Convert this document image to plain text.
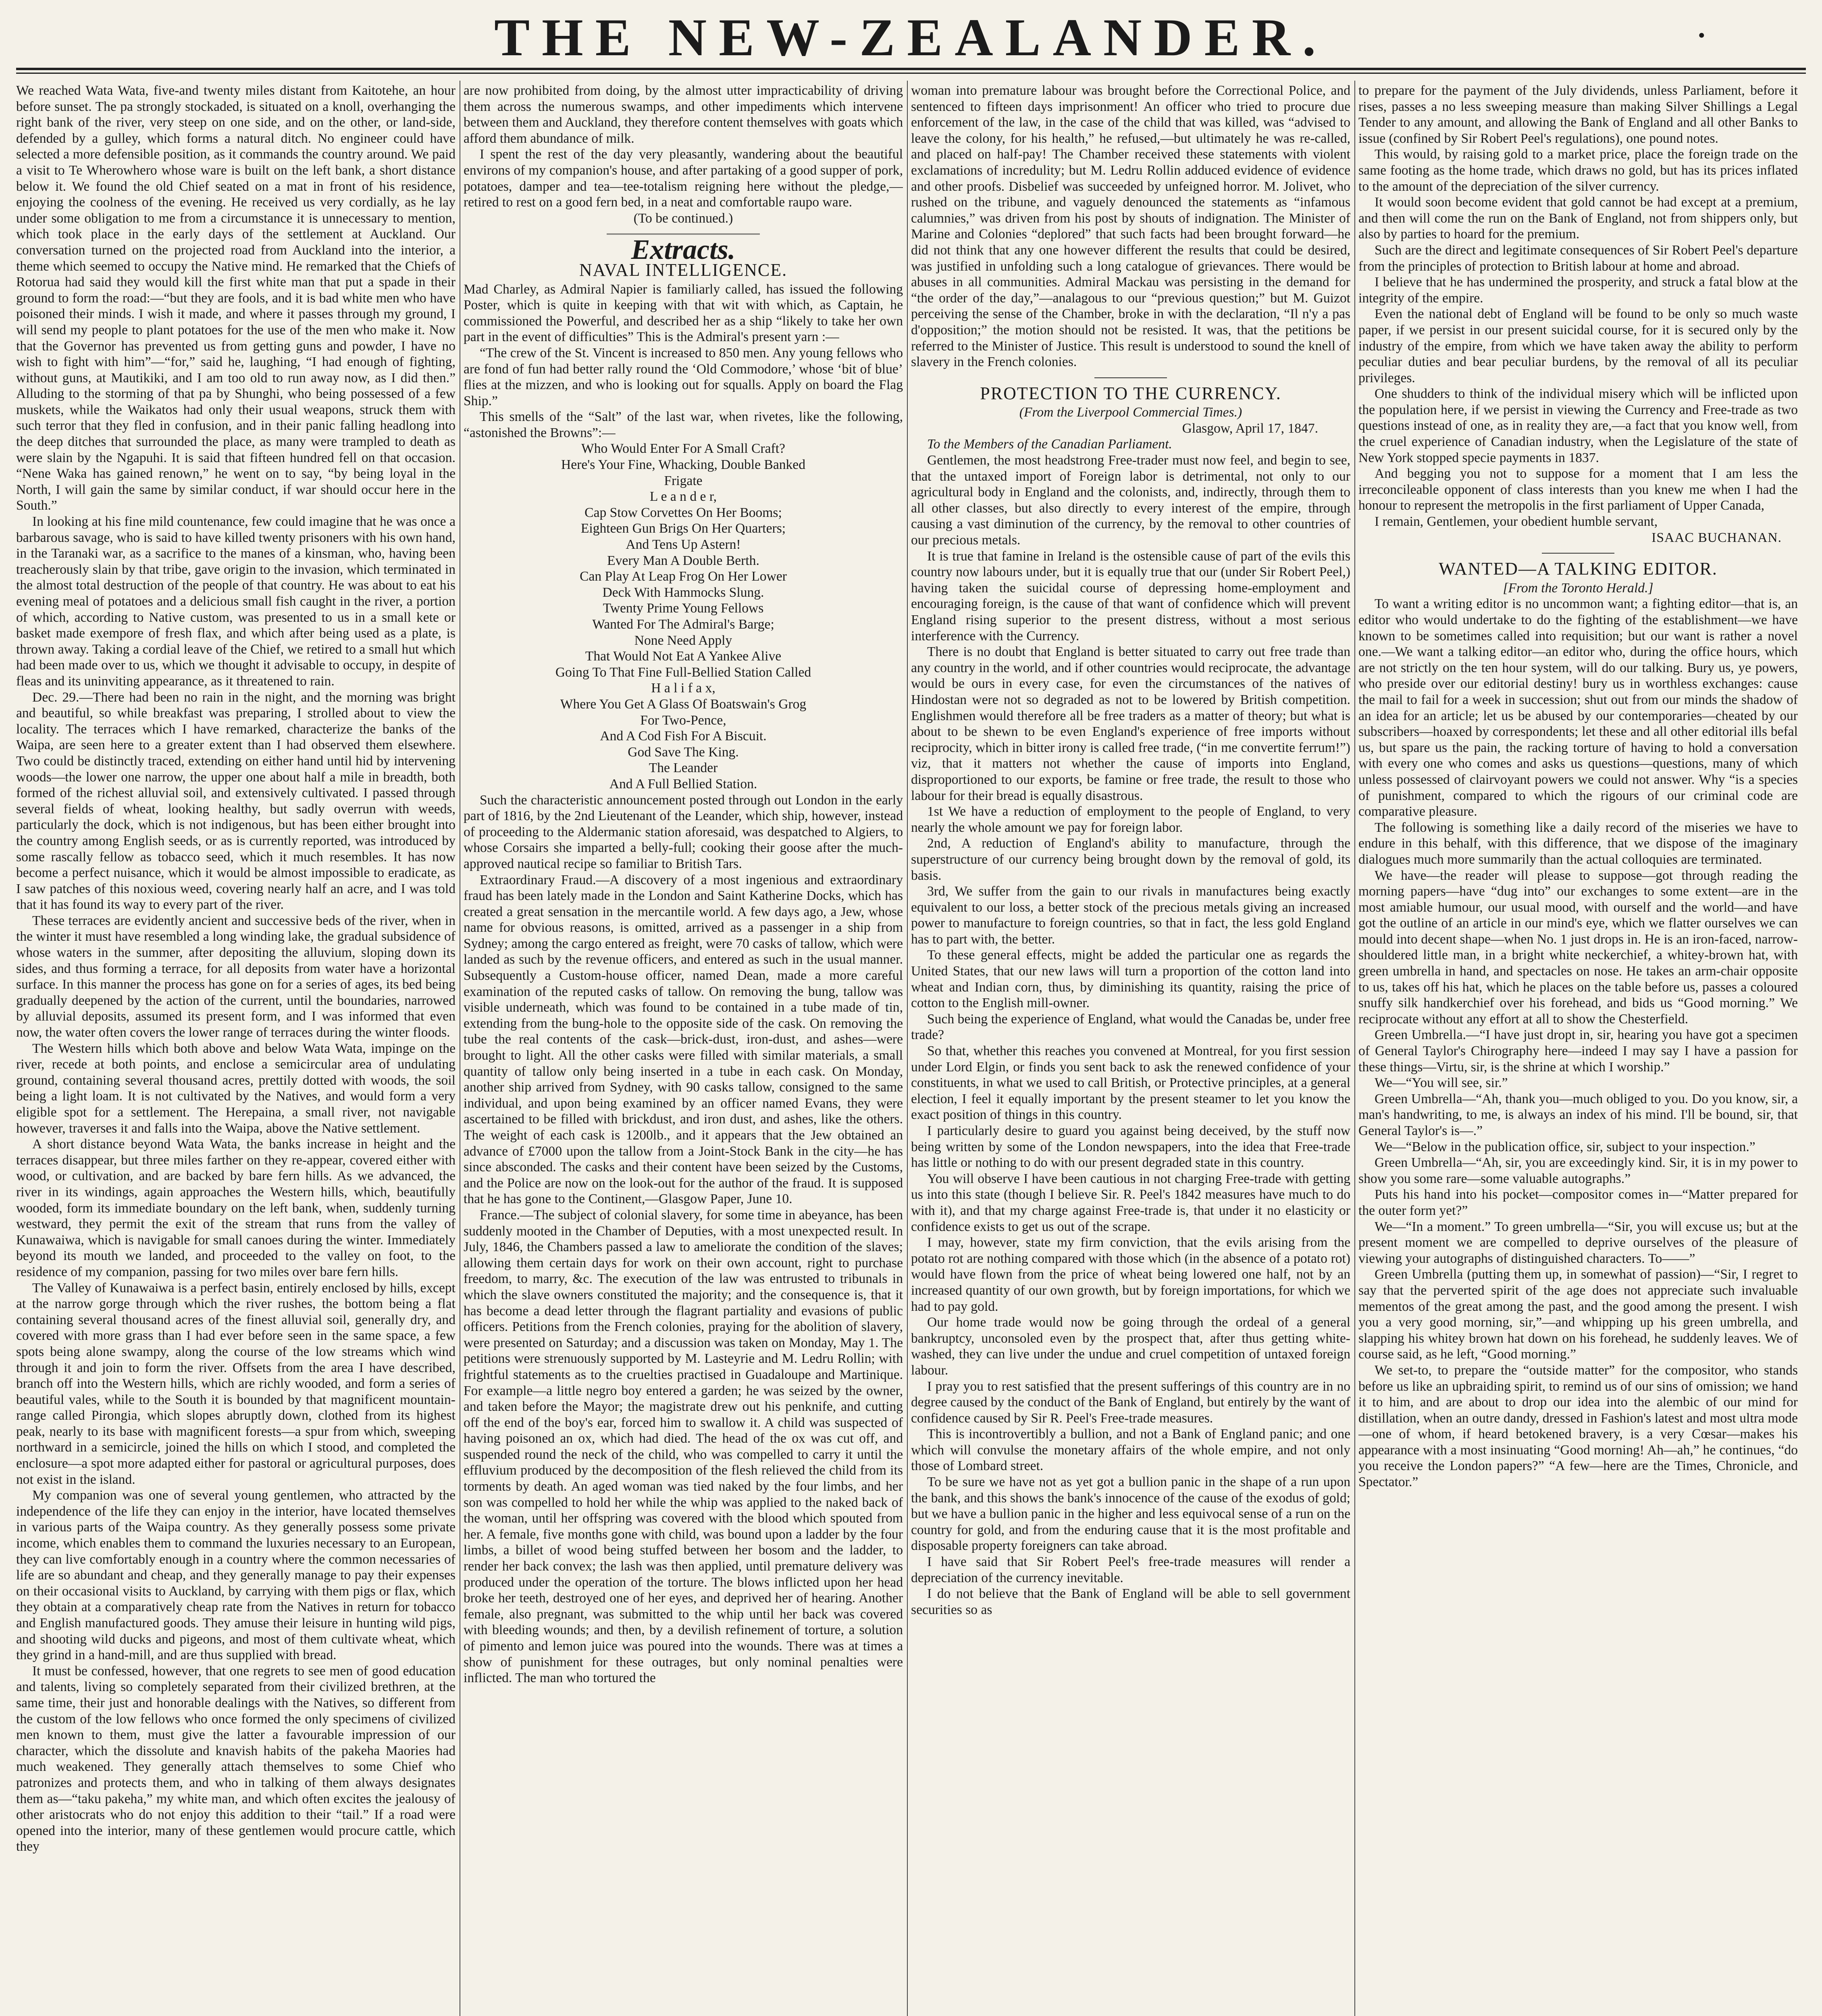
THE NEW-ZEALANDER.	•

We reached Wata Wata, five-and twenty miles distant from Kaitotehe, an hour before sunset. The pa strongly stockaded, is situated on a knoll, overhanging the right bank of the river, very steep on one side, and on the other, or land-side, defended by a gulley, which forms a natural ditch. No engineer could have selected a more defensible position, as it commands the country around. We paid a visit to Te Wherowhero whose ware is built on the left bank, a short distance below it. We found the old Chief seated on a mat in front of his residence, enjoying the coolness of the evening. He received us very cordially, as he lay under some obligation to me from a circumstance it is unnecessary to mention, which took place in the early days of the settlement at Auckland. Our conversation turned on the projected road from Auckland into the interior, a theme which seemed to occupy the Native mind. He remarked that the Chiefs of Rotorua had said they would kill the first white man that put a spade in their ground to form the road:—“but they are fools, and it is bad white men who have poisoned their minds. I wish it made, and where it passes through my ground, I will send my people to plant potatoes for the use of the men who make it. Now that the Governor has prevented us from getting guns and powder, I have no wish to fight with him”—“for,” said he, laughing, “I had enough of fighting, without guns, at Mautikiki, and I am too old to run away now, as I did then.” Alluding to the storming of that pa by Shunghi, who being possessed of a few muskets, while the Waikatos had only their usual weapons, struck them with such terror that they fled in confusion, and in their panic falling headlong into the deep ditches that surrounded the place, as many were trampled to death as were slain by the Ngapuhi. It is said that fifteen hundred fell on that occasion. “Nene Waka has gained renown,” he went on to say, “by being loyal in the North, I will gain the same by similar conduct, if war should occur here in the South.”

In looking at his fine mild countenance, few could imagine that he was once a barbarous savage, who is said to have killed twenty prisoners with his own hand, in the Taranaki war, as a sacrifice to the manes of a kinsman, who, having been treacherously slain by that tribe, gave origin to the invasion, which terminated in the almost total destruction of the people of that country. He was about to eat his evening meal of potatoes and a delicious small fish caught in the river, a portion of which, according to Native custom, was presented to us in a small kete or basket made exempore of fresh flax, and which after being used as a plate, is thrown away. Taking a cordial leave of the Chief, we retired to a small hut which had been made over to us, which we thought it advisable to occupy, in despite of fleas and its uninviting appearance, as it threatened to rain.

Dec. 29.—There had been no rain in the night, and the morning was bright and beautiful, so while breakfast was preparing, I strolled about to view the locality. The terraces which I have remarked, characterize the banks of the Waipa, are seen here to a greater extent than I had observed them elsewhere. Two could be distinctly traced, extending on either hand until hid by intervening woods—the lower one narrow, the upper one about half a mile in breadth, both formed of the richest alluvial soil, and extensively cultivated. I passed through several fields of wheat, looking healthy, but sadly overrun with weeds, particularly the dock, which is not indigenous, but has been either brought into the country among English seeds, or as is currently reported, was introduced by some rascally fellow as tobacco seed, which it much resembles. It has now become a perfect nuisance, which it would be almost impossible to eradicate, as I saw patches of this noxious weed, covering nearly half an acre, and I was told that it has found its way to every part of the river.

These terraces are evidently ancient and successive beds of the river, when in the winter it must have resembled a long winding lake, the gradual subsidence of whose waters in the summer, after depositing the alluvium, sloping down its sides, and thus forming a terrace, for all deposits from water have a horizontal surface. In this manner the process has gone on for a series of ages, its bed being gradually deepened by the action of the current, until the boundaries, narrowed by alluvial deposits, assumed its present form, and I was informed that even now, the water often covers the lower range of terraces during the winter floods.

The Western hills which both above and below Wata Wata, impinge on the river, recede at both points, and enclose a semicircular area of undulating ground, containing several thousand acres, prettily dotted with woods, the soil being a light loam. It is not cultivated by the Natives, and would form a very eligible spot for a settlement. The Herepaina, a small river, not navigable however, traverses it and falls into the Waipa, above the Native settlement.

A short distance beyond Wata Wata, the banks increase in height and the terraces disappear, but three miles farther on they re-appear, covered either with wood, or cultivation, and are backed by bare fern hills. As we advanced, the river in its windings, again approaches the Western hills, which, beautifully wooded, form its immediate boundary on the left bank, when, suddenly turning westward, they permit the exit of the stream that runs from the valley of Kunawaiwa, which is navigable for small canoes during the winter. Immediately beyond its mouth we landed, and proceeded to the valley on foot, to the residence of my companion, passing for two miles over bare fern hills.

The Valley of Kunawaiwa is a perfect basin, entirely enclosed by hills, except at the narrow gorge through which the river rushes, the bottom being a flat containing several thousand acres of the finest alluvial soil, generally dry, and covered with more grass than I had ever before seen in the same space, a few spots being alone swampy, along the course of the low streams which wind through it and join to form the river. Offsets from the area I have described, branch off into the Western hills, which are richly wooded, and form a series of beautiful vales, while to the South it is bounded by that magnificent mountain-range called Pirongia, which slopes abruptly down, clothed from its highest peak, nearly to its base with magnificent forests—a spur from which, sweeping northward in a semicircle, joined the hills on which I stood, and completed the enclosure—a spot more adapted either for pastoral or agricultural purposes, does not exist in the island.

My companion was one of several young gentlemen, who attracted by the independence of the life they can enjoy in the interior, have located themselves in various parts of the Waipa country. As they generally possess some private income, which enables them to command the luxuries necessary to an European, they can live comfortably enough in a country where the common necessaries of life are so abundant and cheap, and they generally manage to pay their expenses on their occasional visits to Auckland, by carrying with them pigs or flax, which they obtain at a comparatively cheap rate from the Natives in return for tobacco and English manufactured goods. They amuse their leisure in hunting wild pigs, and shooting wild ducks and pigeons, and most of them cultivate wheat, which they grind in a hand-mill, and are thus supplied with bread.

It must be confessed, however, that one regrets to see men of good education and talents, living so completely separated from their civilized brethren, at the same time, their just and honorable dealings with the Natives, so different from the custom of the low fellows who once formed the only specimens of civilized men known to them, must give the latter a favourable impression of our character, which the dissolute and knavish habits of the pakeha Maories had much weakened. They generally attach themselves to some Chief who patronizes and protects them, and who in talking of them always designates them as—“taku pakeha,” my white man, and which often excites the jealousy of other aristocrats who do not enjoy this addition to their “tail.” If a road were opened into the interior, many of these gentlemen would procure cattle, which they

are now prohibited from doing, by the almost utter impracticability of driving them across the numerous swamps, and other impediments which intervene between them and Auckland, they therefore content themselves with goats which afford them abundance of milk.

I spent the rest of the day very pleasantly, wandering about the beautiful environs of my companion's house, and after partaking of a good supper of pork, potatoes, damper and tea—tee-totalism reigning here without the pledge,—retired to rest on a good fern bed, in a neat and comfortable raupo ware.

(To be continued.)

Extracts.
NAVAL INTELLIGENCE.

Mad Charley, as Admiral Napier is familiarly called, has issued the following Poster, which is quite in keeping with that wit with which, as Captain, he commissioned the Powerful, and described her as a ship “likely to take her own part in the event of difficulties” This is the Admiral's present yarn :—

“The crew of the St. Vincent is increased to 850 men. Any young fellows who are fond of fun had better rally round the ‘Old Commodore,’ whose ‘bit of blue’ flies at the mizzen, and who is looking out for squalls. Apply on board the Flag Ship.”

This smells of the “Salt” of the last war, when rivetes, like the following, “astonished the Browns”:—

Who Would Enter For A Small Craft?
Here's Your Fine, Whacking, Double Banked
Frigate
L e a n d e r,
Cap Stow Corvettes On Her Booms;
Eighteen Gun Brigs On Her Quarters;
And Tens Up Astern!
Every Man A Double Berth.
Can Play At Leap Frog On Her Lower
Deck With Hammocks Slung.
Twenty Prime Young Fellows
Wanted For The Admiral's Barge;
None Need Apply
That Would Not Eat A Yankee Alive
Going To That Fine Full-Bellied Station Called
H a l i f a x,
Where You Get A Glass Of Boatswain's Grog
For Two-Pence,
And A Cod Fish For A Biscuit.
God Save The King.
The Leander
And A Full Bellied Station.

Such the characteristic announcement posted through out London in the early part of 1816, by the 2nd Lieutenant of the Leander, which ship, however, instead of proceeding to the Aldermanic station aforesaid, was despatched to Algiers, to whose Corsairs she imparted a belly-full; cooking their goose after the much-approved nautical recipe so familiar to British Tars.

Extraordinary Fraud.—A discovery of a most ingenious and extraordinary fraud has been lately made in the London and Saint Katherine Docks, which has created a great sensation in the mercantile world. A few days ago, a Jew, whose name for obvious reasons, is omitted, arrived as a passenger in a ship from Sydney; among the cargo entered as freight, were 70 casks of tallow, which were landed as such by the revenue officers, and entered as such in the usual manner. Subsequently a Custom-house officer, named Dean, made a more careful examination of the reputed casks of tallow. On removing the bung, tallow was visible underneath, which was found to be contained in a tube made of tin, extending from the bung-hole to the opposite side of the cask. On removing the tube the real contents of the cask—brick-dust, iron-dust, and ashes—were brought to light. All the other casks were filled with similar materials, a small quantity of tallow only being inserted in a tube in each cask. On Monday, another ship arrived from Sydney, with 90 casks tallow, consigned to the same individual, and upon being examined by an officer named Evans, they were ascertained to be filled with brickdust, and iron dust, and ashes, like the others. The weight of each cask is 1200lb., and it appears that the Jew obtained an advance of £7000 upon the tallow from a Joint-Stock Bank in the city—he has since absconded. The casks and their content have been seized by the Customs, and the Police are now on the look-out for the author of the fraud. It is supposed that he has gone to the Continent,—Glasgow Paper, June 10.

France.—The subject of colonial slavery, for some time in abeyance, has been suddenly mooted in the Chamber of Deputies, with a most unexpected result. In July, 1846, the Chambers passed a law to ameliorate the condition of the slaves; allowing them certain days for work on their own account, right to purchase freedom, to marry, &c. The execution of the law was entrusted to tribunals in which the slave owners constituted the majority; and the consequence is, that it has become a dead letter through the flagrant partiality and evasions of public officers. Petitions from the French colonies, praying for the abolition of slavery, were presented on Saturday; and a discussion was taken on Monday, May 1. The petitions were strenuously supported by M. Lasteyrie and M. Ledru Rollin; with frightful statements as to the cruelties practised in Guadaloupe and Martinique. For example—a little negro boy entered a garden; he was seized by the owner, and taken before the Mayor; the magistrate drew out his penknife, and cutting off the end of the boy's ear, forced him to swallow it. A child was suspected of having poisoned an ox, which had died. The head of the ox was cut off, and suspended round the neck of the child, who was compelled to carry it until the effluvium produced by the decomposition of the flesh relieved the child from its torments by death. An aged woman was tied naked by the four limbs, and her son was compelled to hold her while the whip was applied to the naked back of the woman, until her offspring was covered with the blood which spouted from her. A female, five months gone with child, was bound upon a ladder by the four limbs, a billet of wood being stuffed between her bosom and the ladder, to render her back convex; the lash was then applied, until premature delivery was produced under the operation of the torture. The blows inflicted upon her head broke her teeth, destroyed one of her eyes, and deprived her of hearing. Another female, also pregnant, was submitted to the whip until her back was covered with bleeding wounds; and then, by a devilish refinement of torture, a solution of pimento and lemon juice was poured into the wounds. There was at times a show of punishment for these outrages, but only nominal penalties were inflicted. The man who tortured the

woman into premature labour was brought before the Correctional Police, and sentenced to fifteen days imprisonment! An officer who tried to procure due enforcement of the law, in the case of the child that was killed, was “advised to leave the colony, for his health,” he refused,—but ultimately he was re-called, and placed on half-pay! The Chamber received these statements with violent exclamations of incredulity; but M. Ledru Rollin adduced evidence of evidence and other proofs. Disbelief was succeeded by unfeigned horror. M. Jolivet, who rushed on the tribune, and vaguely denounced the statements as “infamous calumnies,” was driven from his post by shouts of indignation. The Minister of Marine and Colonies “deplored” that such facts had been brought forward—he did not think that any one however different the results that could be desired, was justified in unfolding such a long catalogue of grievances. There would be abuses in all communities. Admiral Mackau was persisting in the demand for “the order of the day,”—analagous to our “previous question;” but M. Guizot perceiving the sense of the Chamber, broke in with the declaration, “Il n'y a pas d'opposition;” the motion should not be resisted. It was, that the petitions be referred to the Minister of Justice. This result is understood to sound the knell of slavery in the French colonies.

PROTECTION TO THE CURRENCY.
(From the Liverpool Commercial Times.)
Glasgow, April 17, 1847.

To the Members of the Canadian Parliament.

Gentlemen, the most headstrong Free-trader must now feel, and begin to see, that the untaxed import of Foreign labor is detrimental, not only to our agricultural body in England and the colonists, and, indirectly, through them to all other classes, but also directly to every interest of the empire, through causing a vast diminution of the currency, by the removal to other countries of our precious metals.

It is true that famine in Ireland is the ostensible cause of part of the evils this country now labours under, but it is equally true that our (under Sir Robert Peel,) having taken the suicidal course of depressing home-employment and encouraging foreign, is the cause of that want of confidence which will prevent England rising superior to the present distress, without a most serious interference with the Currency.

There is no doubt that England is better situated to carry out free trade than any country in the world, and if other countries would reciprocate, the advantage would be ours in every case, for even the circumstances of the natives of Hindostan were not so degraded as not to be lowered by British competition. Englishmen would therefore all be free traders as a matter of theory; but what is about to be shewn to be even England's experience of free imports without reciprocity, which in bitter irony is called free trade, (“in me convertite ferrum!”) viz, that it matters not whether the cause of imports into England, disproportioned to our exports, be famine or free trade, the result to those who labour for their bread is equally disastrous.

1st We have a reduction of employment to the people of England, to very nearly the whole amount we pay for foreign labor.

2nd, A reduction of England's ability to manufacture, through the superstructure of our currency being brought down by the removal of gold, its basis.

3rd, We suffer from the gain to our rivals in manufactures being exactly equivalent to our loss, a better stock of the precious metals giving an increased power to manufacture to foreign countries, so that in fact, the less gold England has to part with, the better.

To these general effects, might be added the particular one as regards the United States, that our new laws will turn a proportion of the cotton land into wheat and Indian corn, thus, by diminishing its quantity, raising the price of cotton to the English mill-owner.

Such being the experience of England, what would the Canadas be, under free trade?

So that, whether this reaches you convened at Montreal, for you first session under Lord Elgin, or finds you sent back to ask the renewed confidence of your constituents, in what we used to call British, or Protective principles, at a general election, I feel it equally important by the present steamer to let you know the exact position of things in this country.

I particularly desire to guard you against being deceived, by the stuff now being written by some of the London newspapers, into the idea that Free-trade has little or nothing to do with our present degraded state in this country.

You will observe I have been cautious in not charging Free-trade with getting us into this state (though I believe Sir. R. Peel's 1842 measures have much to do with it), and that my charge against Free-trade is, that under it no elasticity or confidence exists to get us out of the scrape.

I may, however, state my firm conviction, that the evils arising from the potato rot are nothing compared with those which (in the absence of a potato rot) would have flown from the price of wheat being lowered one half, not by an increased quantity of our own growth, but by foreign importations, for which we had to pay gold.

Our home trade would now be going through the ordeal of a general bankruptcy, unconsoled even by the prospect that, after thus getting white-washed, they can live under the undue and cruel competition of untaxed foreign labour.

I pray you to rest satisfied that the present sufferings of this country are in no degree caused by the conduct of the Bank of England, but entirely by the want of confidence caused by Sir R. Peel's Free-trade measures.

This is incontrovertibly a bullion, and not a Bank of England panic; and one which will convulse the monetary affairs of the whole empire, and not only those of Lombard street.

To be sure we have not as yet got a bullion panic in the shape of a run upon the bank, and this shows the bank's innocence of the cause of the exodus of gold; but we have a bullion panic in the higher and less equivocal sense of a run on the country for gold, and from the enduring cause that it is the most profitable and disposable property foreigners can take abroad.

I have said that Sir Robert Peel's free-trade measures will render a depreciation of the currency inevitable.

I do not believe that the Bank of England will be able to sell government securities so as

to prepare for the payment of the July dividends, unless Parliament, before it rises, passes a no less sweeping measure than making Silver Shillings a Legal Tender to any amount, and allowing the Bank of England and all other Banks to issue (confined by Sir Robert Peel's regulations), one pound notes.

This would, by raising gold to a market price, place the foreign trade on the same footing as the home trade, which draws no gold, but has its prices inflated to the amount of the depreciation of the silver currency.

It would soon become evident that gold cannot be had except at a premium, and then will come the run on the Bank of England, not from shippers only, but also by parties to hoard for the premium.

Such are the direct and legitimate consequences of Sir Robert Peel's departure from the principles of protection to British labour at home and abroad.

I believe that he has undermined the prosperity, and struck a fatal blow at the integrity of the empire.

Even the national debt of England will be found to be only so much waste paper, if we persist in our present suicidal course, for it is secured only by the industry of the empire, from which we have taken away the ability to perform peculiar duties and bear peculiar burdens, by the removal of all its peculiar privileges.

One shudders to think of the individual misery which will be inflicted upon the population here, if we persist in viewing the Currency and Free-trade as two questions instead of one, as in reality they are,—a fact that you know well, from the cruel experience of Canadian industry, when the Legislature of the state of New York stopped specie payments in 1837.

And begging you not to suppose for a moment that I am less the irreconcileable opponent of class interests than you knew me when I had the honour to represent the metropolis in the first parliament of Upper Canada,

I remain, Gentlemen, your obedient humble servant,

ISAAC BUCHANAN.

WANTED—A TALKING EDITOR.
[From the Toronto Herald.]

To want a writing editor is no uncommon want; a fighting editor—that is, an editor who would undertake to do the fighting of the establishment—we have known to be sometimes called into requisition; but our want is rather a novel one.—We want a talking editor—an editor who, during the office hours, which are not strictly on the ten hour system, will do our talking. Bury us, ye powers, who preside over our editorial destiny! bury us in worthless exchanges: cause the mail to fail for a week in succession; shut out from our minds the shadow of an idea for an article; let us be abused by our contemporaries—cheated by our subscribers—hoaxed by correspondents; let these and all other editorial ills befal us, but spare us the pain, the racking torture of having to hold a conversation with every one who comes and asks us questions—questions, many of which unless possessed of clairvoyant powers we could not answer. Why “is a species of punishment, compared to which the rigours of our criminal code are comparative pleasure.

The following is something like a daily record of the miseries we have to endure in this behalf, with this difference, that we dispose of the imaginary dialogues much more summarily than the actual colloquies are terminated.

We have—the reader will please to suppose—got through reading the morning papers—have “dug into” our exchanges to some extent—are in the most amiable humour, our usual mood, with ourself and the world—and have got the outline of an article in our mind's eye, which we flatter ourselves we can mould into decent shape—when No. 1 just drops in. He is an iron-faced, narrow-shouldered little man, in a bright white neckerchief, a whitey-brown hat, with green umbrella in hand, and spectacles on nose. He takes an arm-chair opposite to us, takes off his hat, which he places on the table before us, passes a coloured snuffy silk handkerchief over his forehead, and bids us “Good morning.” We reciprocate without any effort at all to show the Chesterfield.

Green Umbrella.—“I have just dropt in, sir, hearing you have got a specimen of General Taylor's Chirography here—indeed I may say I have a passion for these things—Virtu, sir, is the shrine at which I worship.”

We—“You will see, sir.”

Green Umbrella—“Ah, thank you—much obliged to you. Do you know, sir, a man's handwriting, to me, is always an index of his mind. I'll be bound, sir, that General Taylor's is—.”

We—“Below in the publication office, sir, subject to your inspection.”

Green Umbrella—“Ah, sir, you are exceedingly kind. Sir, it is in my power to show you some rare—some valuable autographs.”

Puts his hand into his pocket—compositor comes in—“Matter prepared for the outer form yet?”

We—“In a moment.” To green umbrella—“Sir, you will excuse us; but at the present moment we are compelled to deprive ourselves of the pleasure of viewing your autographs of distinguished characters. To——”

Green Umbrella (putting them up, in somewhat of passion)—“Sir, I regret to say that the perverted spirit of the age does not appreciate such invaluable mementos of the great among the past, and the good among the present. I wish you a very good morning, sir,”—and whipping up his green umbrella, and slapping his whitey brown hat down on his forehead, he suddenly leaves. We of course said, as he left, “Good morning.”

We set-to, to prepare the “outside matter” for the compositor, who stands before us like an upbraiding spirit, to remind us of our sins of omission; we hand it to him, and are about to drop our idea into the alembic of our mind for distillation, when an outre dandy, dressed in Fashion's latest and most ultra mode—one of whom, if heard betokened bravery, is a very Cœsar—makes his appearance with a most insinuating “Good morning! Ah—ah,” he continues, “do you receive the London papers?” “A few—here are the Times, Chronicle, and Spectator.”
